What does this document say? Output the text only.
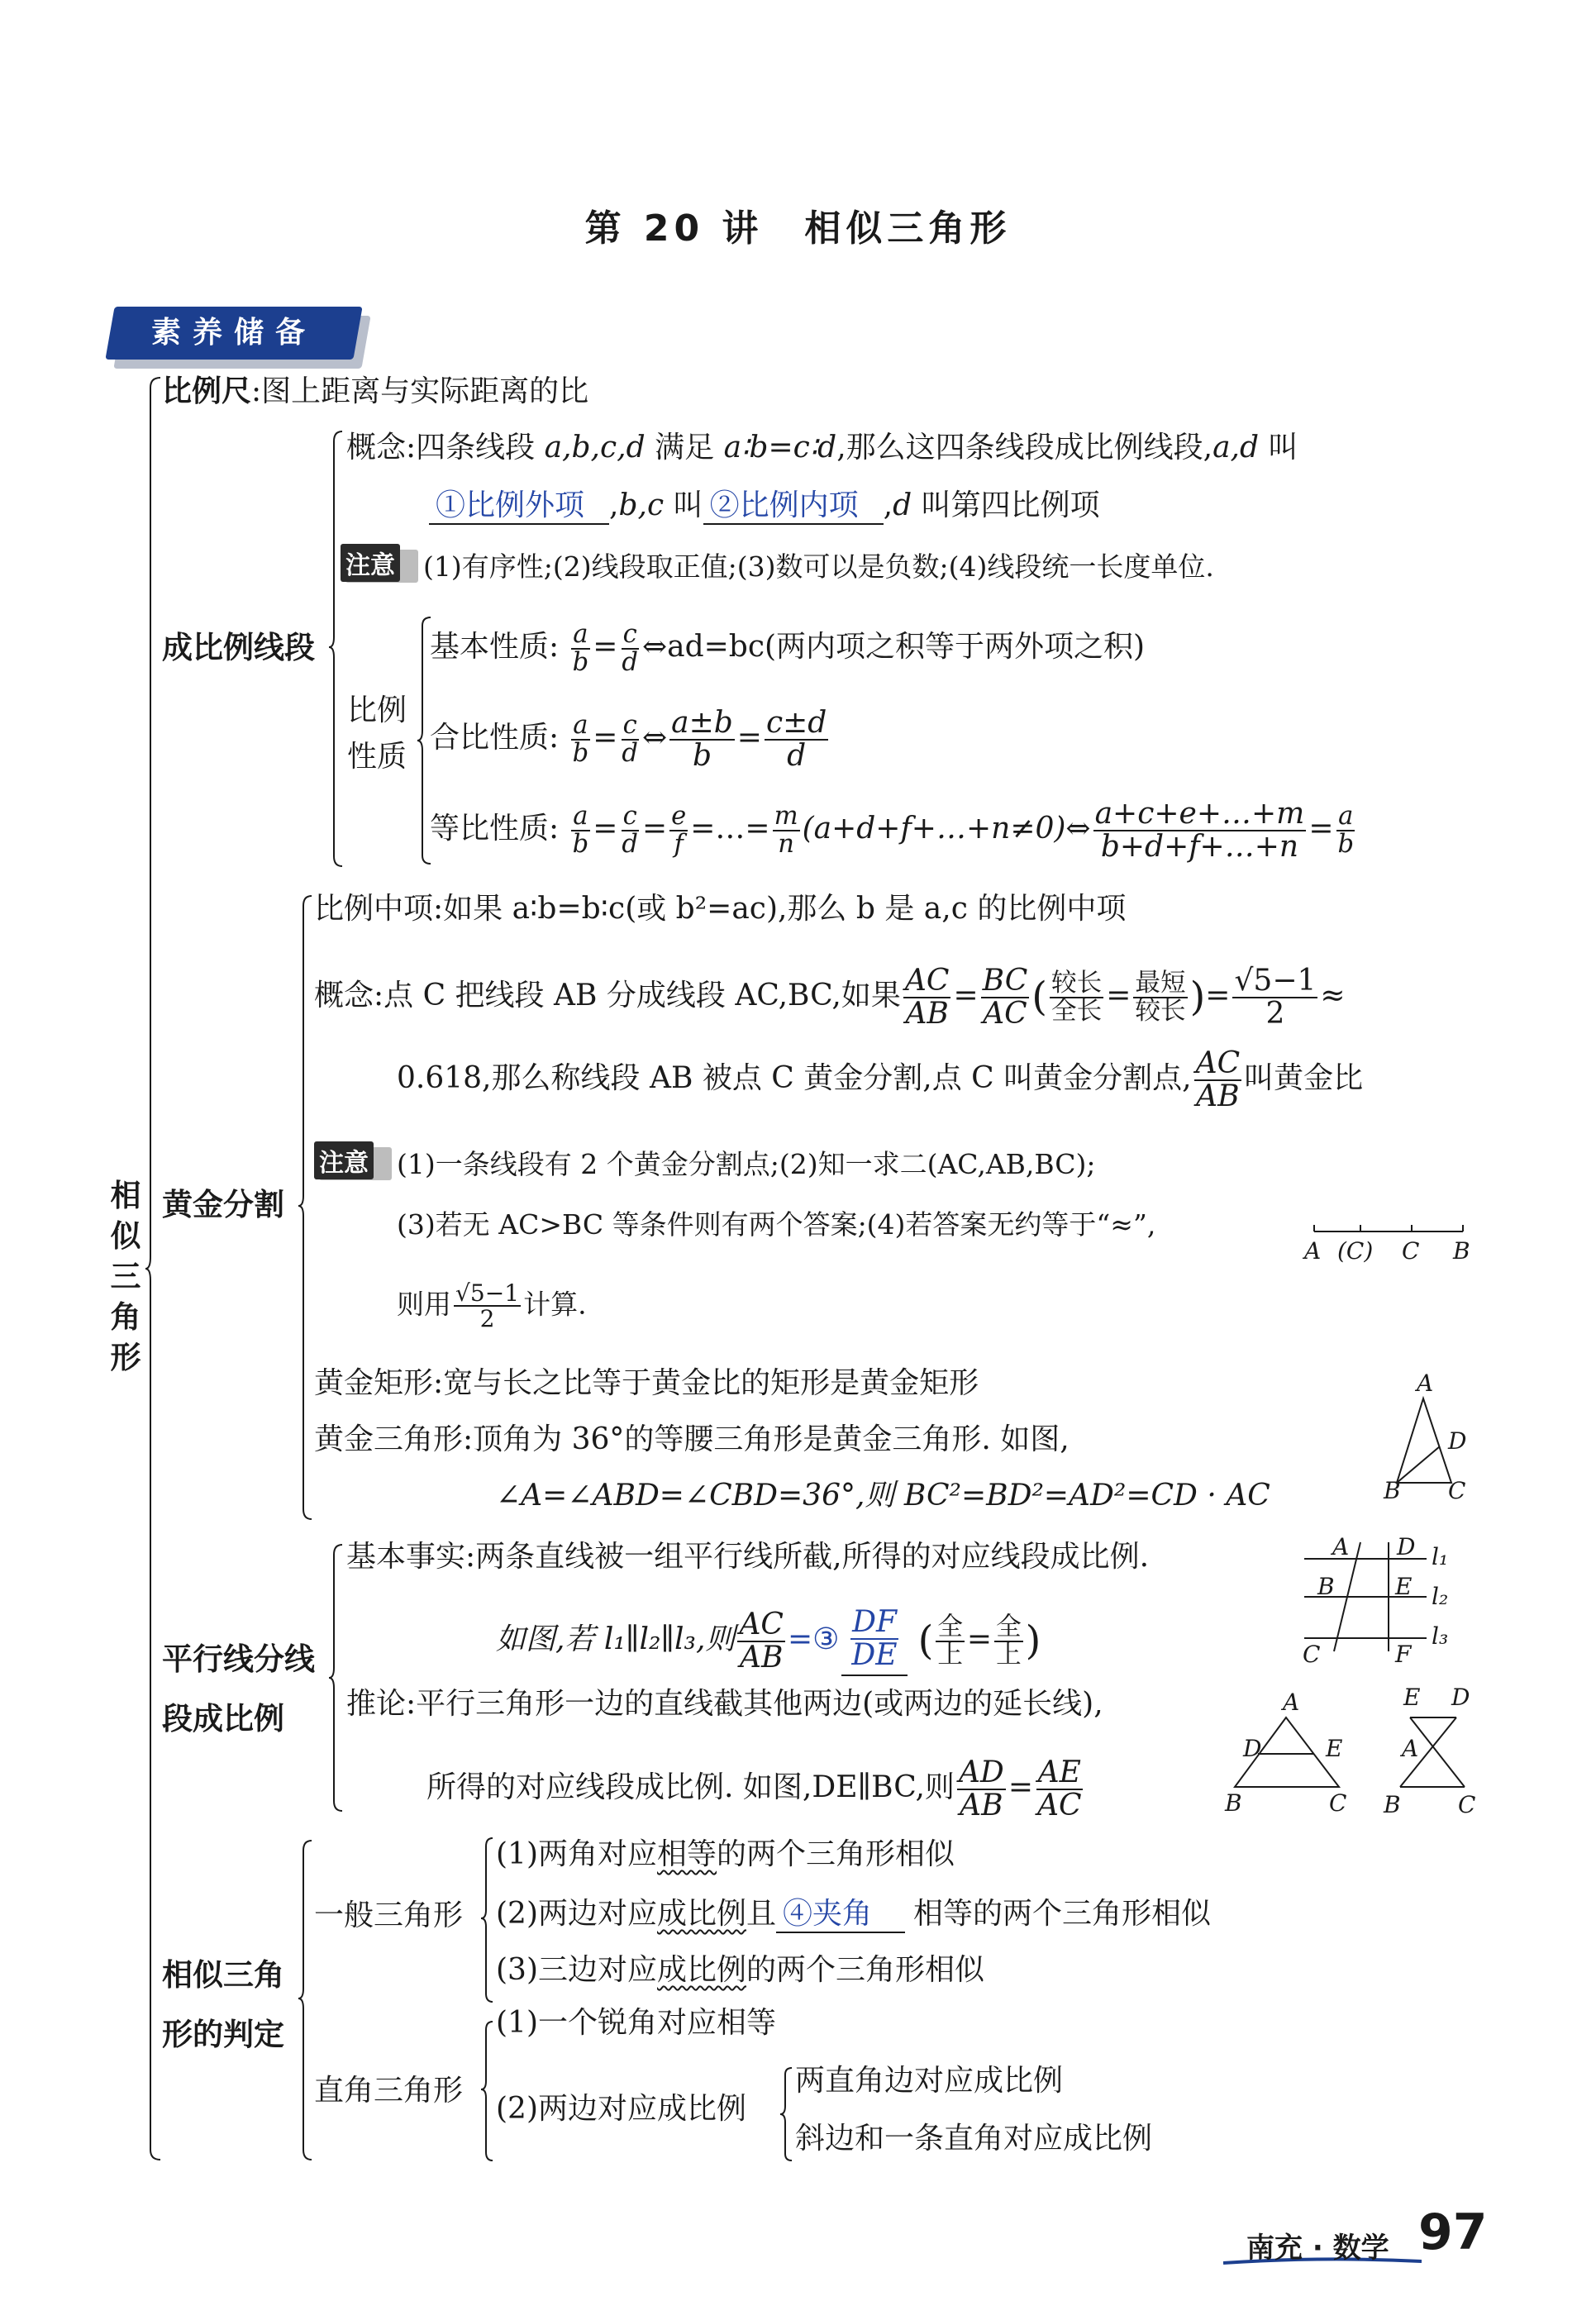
第 20 讲　相似三角形
素养储备
相
似
三
角
形
比例尺:图上距离与实际距离的比
成比例线段
概念:四条线段 a,b,c,d 满足 a∶b=c∶d,那么这四条线段成比例线段,a,d 叫
①比例外项 ,b,c 叫 ②比例内项 ,d 叫第四比例项
注意 (1)有序性;(2)线段取正值;(3)数可以是负数;(4)线段统一长度单位.
比例
性质
基本性质: $\frac{a}{b} = \frac{c}{d}$ ⇔ad=bc(两内项之积等于两外项之积)
合比性质: $\frac{a}{b} = \frac{c}{d}$ ⇔ $\frac{a\pm b}{b} = \frac{c\pm d}{d}$
等比性质: $\frac{a}{b} = \frac{c}{d} = \frac{e}{f}$ =…= $\frac{m}{n}$ (a+d+f+…+n≠0)⇔ $\frac{a+c+e+\dots+m}{b+d+f+\dots+n} = \frac{a}{b}$
黄金分割
比例中项:如果 a∶b=b∶c(或 b²=ac),那么 b 是 a,c 的比例中项
概念:点 C 把线段 AB 分成线段 AC,BC,如果 $\frac{AC}{AB} = \frac{BC}{AC}$ ( $\frac{\text{较长}}{\text{全长}} = \frac{\text{最短}}{\text{较长}}$ )= $\frac{√5-1}{2}$ ≈
0.618,那么称线段 AB 被点 C 黄金分割,点 C 叫黄金分割点, $\frac{AC}{AB}$ 叫黄金比
注意 (1)一条线段有 2 个黄金分割点;(2)知一求二(AC,AB,BC);
(3)若无 AC>BC 等条件则有两个答案;(4)若答案无约等于“≈”,
则用 $\frac{√5-1}{2}$ 计算.
黄金矩形:宽与长之比等于黄金比的矩形是黄金矩形
黄金三角形:顶角为 36°的等腰三角形是黄金三角形. 如图,
∠A=∠ABD=∠CBD=36°,则 BC²=BD²=AD²=CD · AC
A (C) C B
A
D
B C
平行线分线
段成比例
基本事实:两条直线被一组平行线所截,所得的对应线段成比例.
如图,若 l₁∥l₂∥l₃,则 $\frac{AC}{AB}$ =③ $\frac{DF}{DE}$ ( $\frac{\text{全}}{\text{上}} = \frac{\text{全}}{\text{上}}$ )
推论:平行三角形一边的直线截其他两边(或两边的延长线),
所得的对应线段成比例. 如图,DE∥BC,则 $\frac{AD}{AB} = \frac{AE}{AC}$
A D l₁
B	E l₂
C	F
l₃
A
D	E
B	C
E D
A
B C
相似三角
形的判定
一般三角形
(1)两角对应相等的两个三角形相似
(2)两边对应成比例且 ④夹角 相等的两个三角形相似
(3)三边对应成比例的两个三角形相似
直角三角形
(1)一个锐角对应相等
(2)两边对应成比例
两直角边对应成比例
斜边和一条直角对应成比例
南充 · 数学 97
